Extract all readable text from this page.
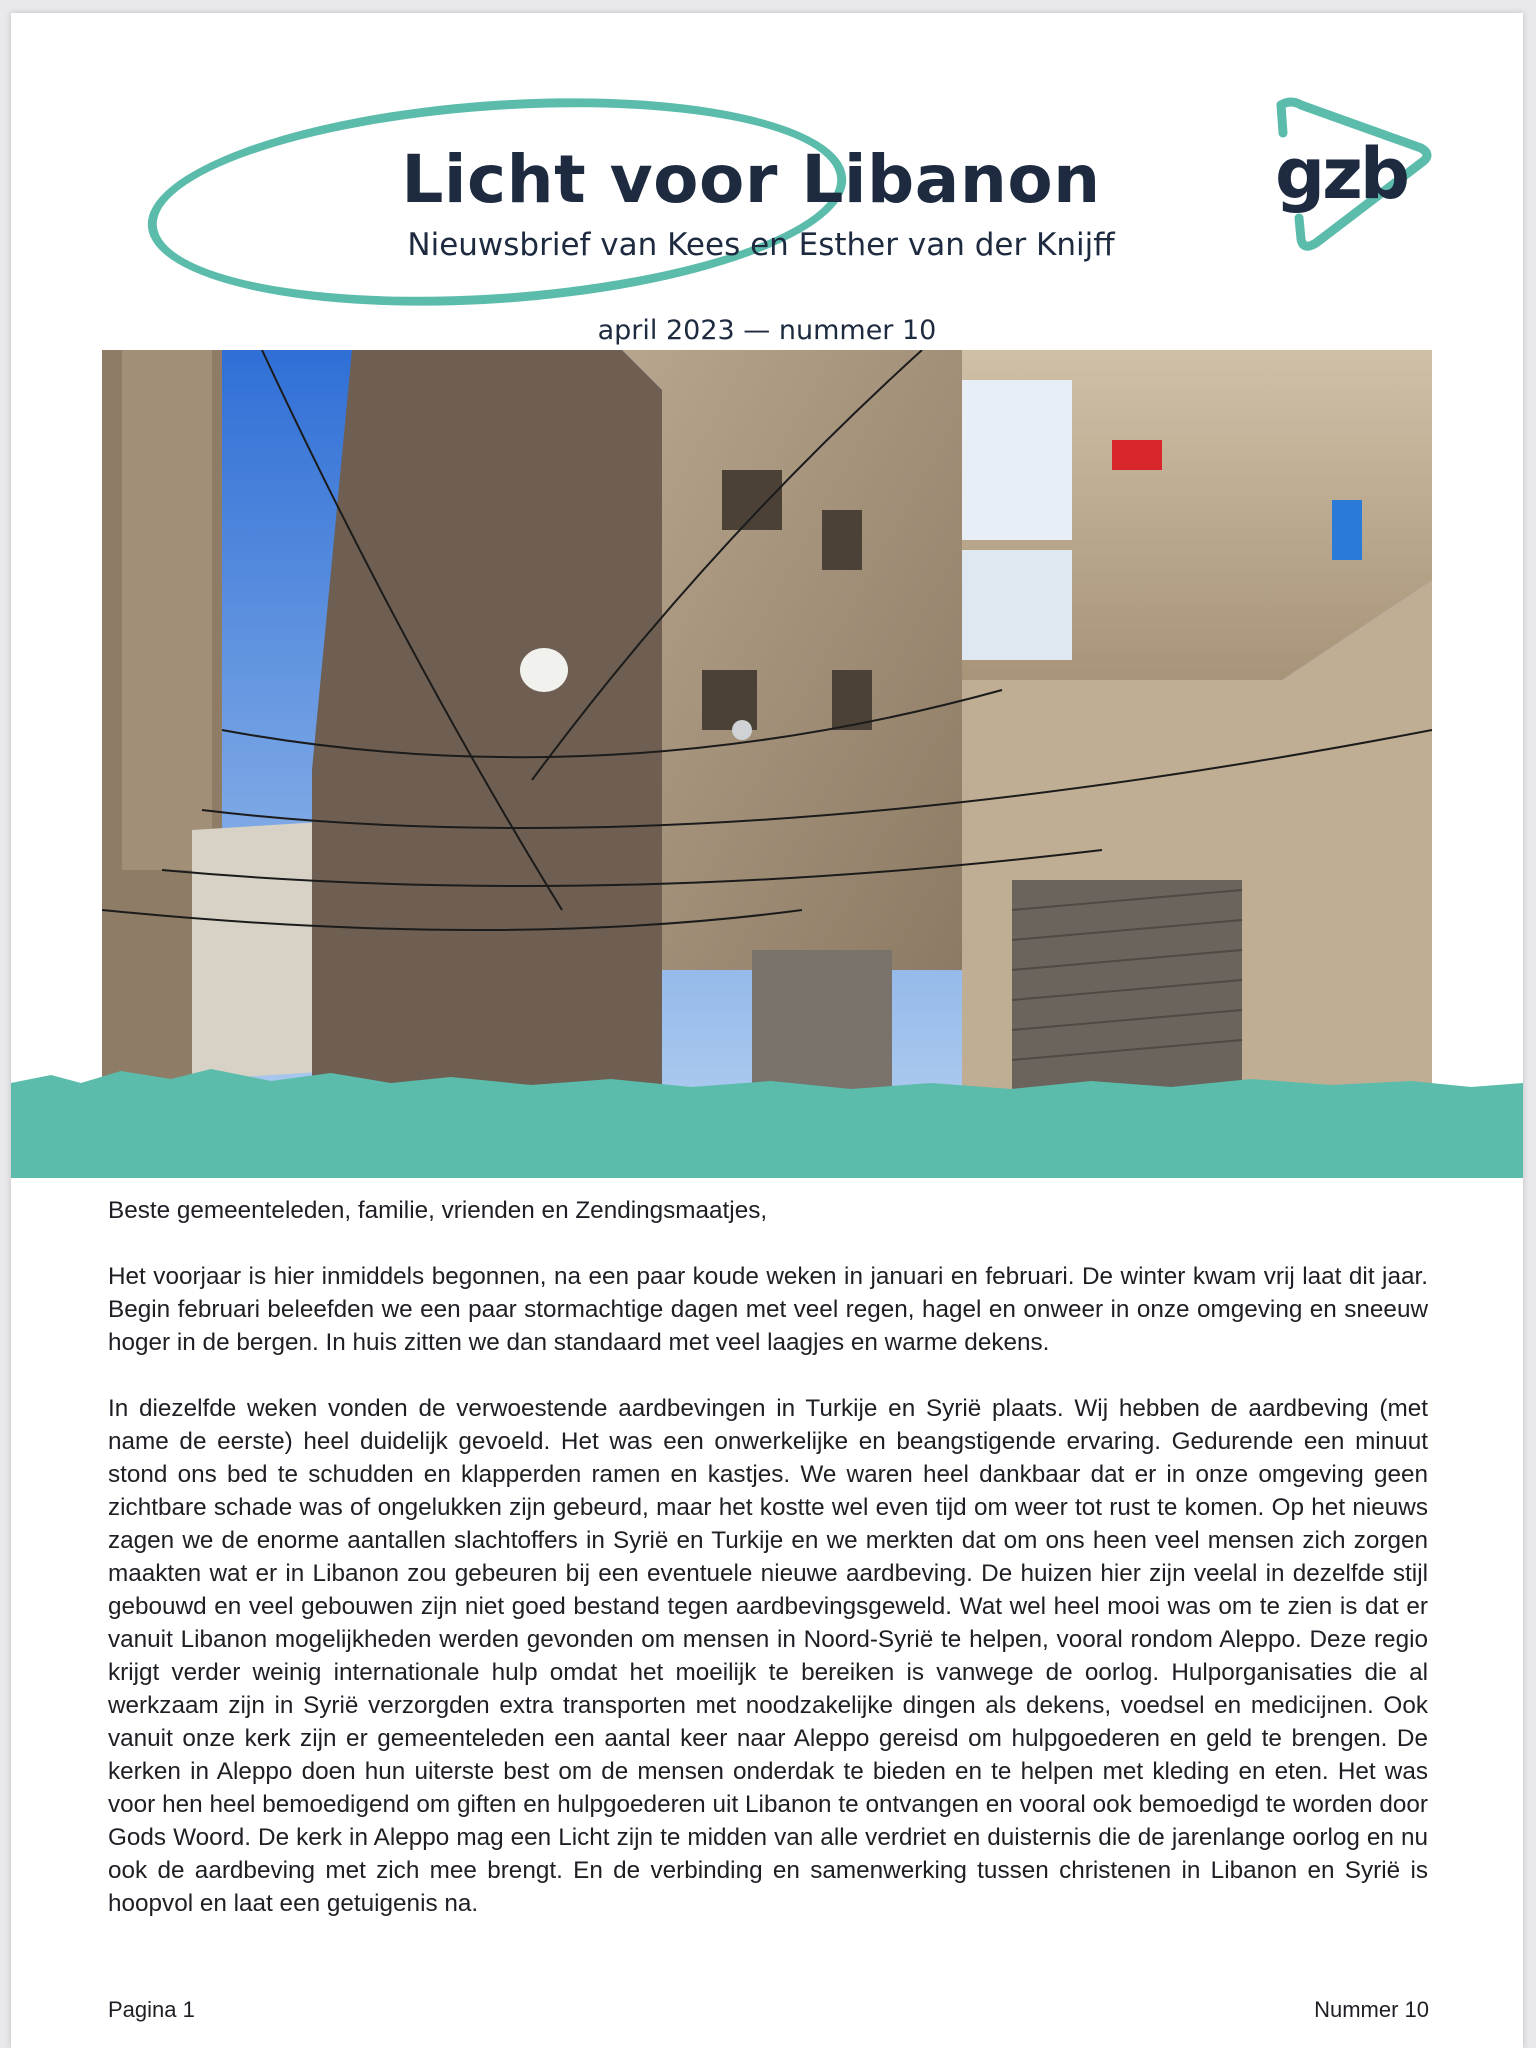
Licht voor Libanon
Nieuwsbrief van Kees en Esther van der Knijff
gzb
april 2023 — nummer 10

Beste gemeenteleden, familie, vrienden en Zendingsmaatjes,

Het voorjaar is hier inmiddels begonnen, na een paar koude weken in januari en februari. De winter kwam vrij laat dit jaar. Begin februari beleefden we een paar stormachtige dagen met veel regen, hagel en onweer in onze omgeving en sneeuw hoger in de bergen. In huis zitten we dan standaard met veel laagjes en warme dekens.

In diezelfde weken vonden de verwoestende aardbevingen in Turkije en Syrië plaats. Wij hebben de aardbeving (met name de eerste) heel duidelijk gevoeld. Het was een onwerkelijke en beangstigende ervaring. Gedurende een minuut stond ons bed te schudden en klapperden ramen en kastjes. We waren heel dankbaar dat er in onze omgeving geen zichtbare schade was of ongelukken zijn gebeurd, maar het kostte wel even tijd om weer tot rust te komen. Op het nieuws zagen we de enorme aantallen slachtoffers in Syrië en Turkije en we merkten dat om ons heen veel mensen zich zorgen maakten wat er in Libanon zou gebeuren bij een eventuele nieuwe aardbeving. De huizen hier zijn veelal in dezelfde stijl gebouwd en veel gebouwen zijn niet goed bestand tegen aardbevingsgeweld. Wat wel heel mooi was om te zien is dat er vanuit Libanon mogelijkheden werden gevonden om mensen in Noord-Syrië te helpen, vooral rondom Aleppo. Deze regio krijgt verder weinig internationale hulp omdat het moeilijk te bereiken is vanwege de oorlog. Hulporganisaties die al werkzaam zijn in Syrië verzorgden extra transporten met noodzakelijke dingen als dekens, voedsel en medicijnen. Ook vanuit onze kerk zijn er gemeenteleden een aantal keer naar Aleppo gereisd om hulpgoederen en geld te brengen. De kerken in Aleppo doen hun uiterste best om de mensen onderdak te bieden en te helpen met kleding en eten. Het was voor hen heel bemoedigend om giften en hulpgoederen uit Libanon te ontvangen en vooral ook bemoedigd te worden door Gods Woord. De kerk in Aleppo mag een Licht zijn te midden van alle verdriet en duisternis die de jarenlange oorlog en nu ook de aardbeving met zich mee brengt. En de verbinding en samenwerking tussen christenen in Libanon en Syrië is hoopvol en laat een getuigenis na.

Pagina 1	Nummer 10
